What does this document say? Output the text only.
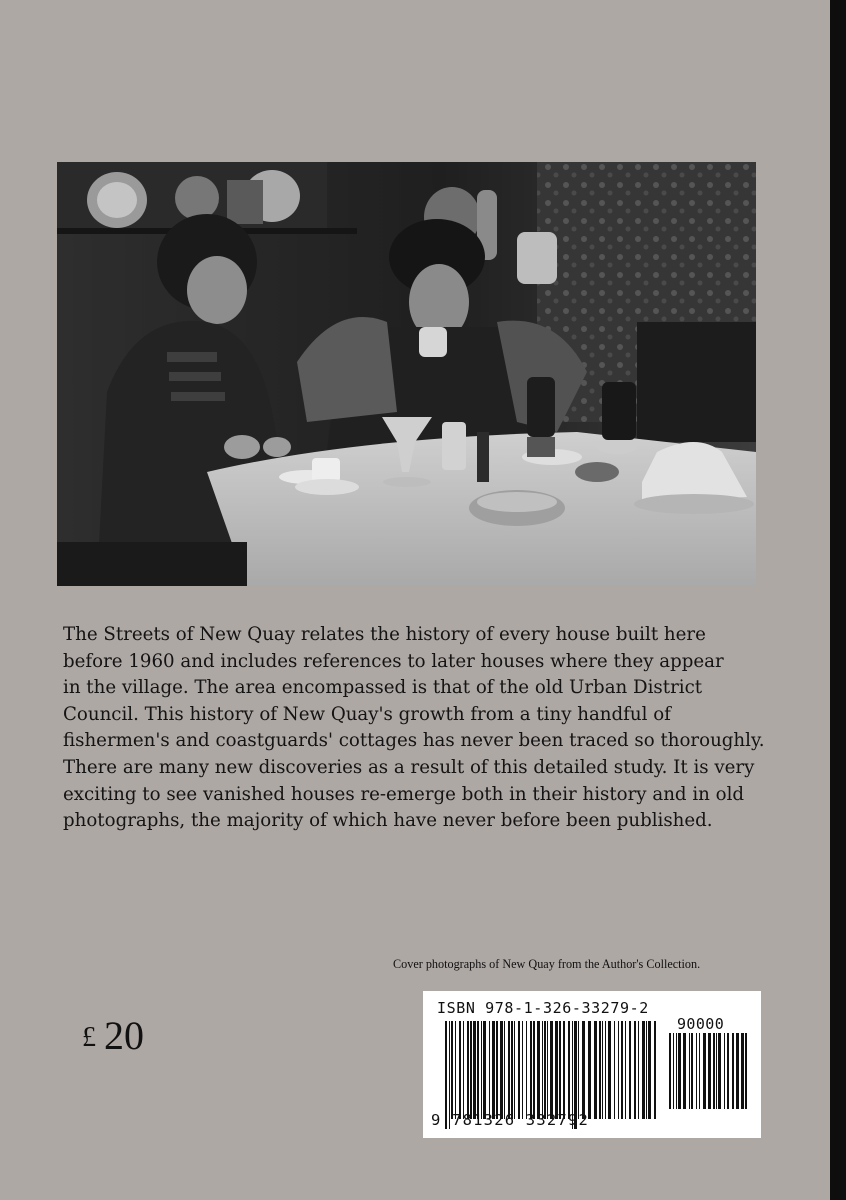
The Streets of New Quay relates the history of every house built here
before 1960 and includes references to later houses where they appear
in the village. The area encompassed is that of the old Urban District
Council. This history of New Quay's growth from a tiny handful of
fishermen's and coastguards' cottages has never been traced so thoroughly.
There are many new discoveries as a result of this detailed study. It is very
exciting to see vanished houses re-emerge both in their history and in old
photographs, the majority of which have never before been published.

Cover photographs of New Quay from the Author's Collection.
£ 20
ISBN 978-1-326-33279-2
90000
9 781326 332792
